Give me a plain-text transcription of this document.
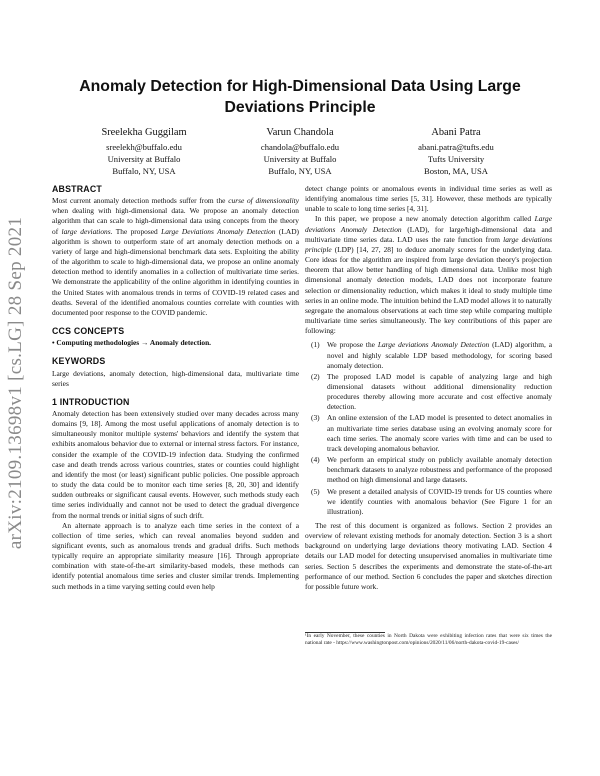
arXiv:2109.13698v1 [cs.LG] 28 Sep 2021
Anomaly Detection for High-Dimensional Data Using Large Deviations Principle
Sreelekha Guggilam
sreelekh@buffalo.edu
University at Buffalo
Buffalo, NY, USA
Varun Chandola
chandola@buffalo.edu
University at Buffalo
Buffalo, NY, USA
Abani Patra
abani.patra@tufts.edu
Tufts University
Boston, MA, USA
ABSTRACT

Most current anomaly detection methods suffer from the curse of dimensionality when dealing with high-dimensional data. We propose an anomaly detection algorithm that can scale to high-dimensional data using concepts from the theory of large deviations. The proposed Large Deviations Anomaly Detection (LAD) algorithm is shown to outperform state of art anomaly detection methods on a variety of large and high-dimensional benchmark data sets. Exploiting the ability of the algorithm to scale to high-dimensional data, we propose an online anomaly detection method to identify anomalies in a collection of multivariate time series. We demonstrate the applicability of the online algorithm in identifying counties in the United States with anomalous trends in terms of COVID-19 related cases and deaths. Several of the identified anomalous counties correlate with counties with documented poor response to the COVID pandemic.

CCS CONCEPTS

• Computing methodologies → Anomaly detection.

KEYWORDS

Large deviations, anomaly detection, high-dimensional data, multivariate time series

1 INTRODUCTION

Anomaly detection has been extensively studied over many decades across many domains [9, 18]. Among the most useful applications of anomaly detection is to simultaneously monitor multiple systems' behaviors and identify the system that exhibits anomalous behavior due to external or internal stress factors. For instance, consider the example of the COVID-19 infection data. Studying the confirmed case and death trends across various countries, states or counties could highlight and identify the most (or least) significant public policies. One possible approach to study the data could be to monitor each time series [8, 20, 30] and identify sudden outbreaks or significant causal events. However, such methods study each time series individually and cannot not be used to detect the gradual divergence from the normal trends or initial signs of such drift.

An alternate approach is to analyze each time series in the context of a collection of time series, which can reveal anomalies beyond sudden and significant events, such as anomalous trends and gradual drifts. Such methods typically require an appropriate similarity measure [16]. Through appropriate combination with state-of-the-art similarity-based models, these methods can identify potential anomalous time series and cluster similar trends. Implementing such methods in a time varying setting could even help

detect change points or anomalous events in individual time series as well as identifying anomalous time series [5, 31]. However, these methods are typically unable to scale to long time series [4, 31].

In this paper, we propose a new anomaly detection algorithm called Large deviations Anomaly Detection (LAD), for large/high-dimensional data and multivariate time series data. LAD uses the rate function from large deviations principle (LDP) [14, 27, 28] to deduce anomaly scores for the underlying data. Core ideas for the algorithm are inspired from large deviation theory's projection theorem that allow better handling of high dimensional data. Unlike most high dimensional anomaly detection models, LAD does not incorporate feature selection or dimensionality reduction, which makes it ideal to study multiple time series in an online mode. The intuition behind the LAD model allows it to naturally segregate the anomalous observations at each time step while comparing multiple multivariate time series simultaneously. The key contributions of this paper are following:

(1) We propose the Large deviations Anomaly Detection (LAD) algorithm, a novel and highly scalable LDP based methodology, for scoring based anomaly detection.
(2) The proposed LAD model is capable of analyzing large and high dimensional datasets without additional dimensionality reduction procedures thereby allowing more accurate and cost effective anomaly detection.
(3) An online extension of the LAD model is presented to detect anomalies in an multivariate time series database using an evolving anomaly score for each time series. The anomaly score varies with time and can be used to track developing anomalous behavior.
(4) We perform an empirical study on publicly available anomaly detection benchmark datasets to analyze robustness and performance of the proposed method on high dimensional and large datasets.
(5) We present a detailed analysis of COVID-19 trends for US counties where we identify counties with anomalous behavior (See Figure 1 for an illustration).

The rest of this document is organized as follows. Section 2 provides an overview of relevant existing methods for anomaly detection. Section 3 is a short background on underlying large deviations theory motivating LAD. Section 4 details our LAD model for detecting unsupervised anomalies in multivariate time series. Section 5 describes the experiments and demonstrate the state-of-the-art performance of our method. Section 6 concludes the paper and sketches direction for possible future work.

¹In early November, these counties in North Dakota were exhibiting infection rates that were six times the national rate - https://www.washingtonpost.com/opinions/2020/11/06/north-dakota-covid-19-cases/
